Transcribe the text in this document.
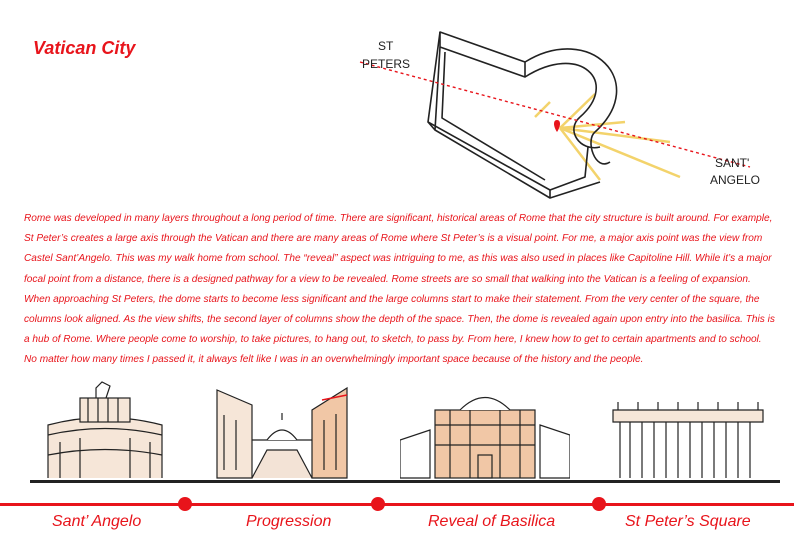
Vatican City	ST
PETERS
SANT'
ANGELO

Rome was developed in many layers throughout a long period of time. There are significant, historical areas of Rome that the city structure is built around. For example, St Peter’s creates a large axis through the Vatican and there are many areas of Rome where St Peter’s is a visual point. For me, a major axis point was the view from Castel Sant’Angelo. This was my walk home from school. The “reveal” aspect was intriguing to me, as this was also used in places like Capitoline Hill. While it’s a major focal point from a distance, there is a designed pathway for a view to be revealed. Rome streets are so small that walking into the Vatican is a feeling of expansion. When approaching St Peters, the dome starts to become less significant and the large columns start to make their statement. From the very center of the square, the columns look aligned. As the view shifts, the second layer of columns show the depth of the space. Then, the dome is revealed again upon entry into the basilica. This is a hub of Rome. Where people come to worship, to take pictures, to hang out, to sketch, to pass by. From here, I knew how to get to certain apartments and to school. No matter how many times I passed it, it always felt like I was in an overwhelmingly important space because of the history and the people.

Sant’ Angelo	Progression	Reveal of Basilica	St Peter’s Square
